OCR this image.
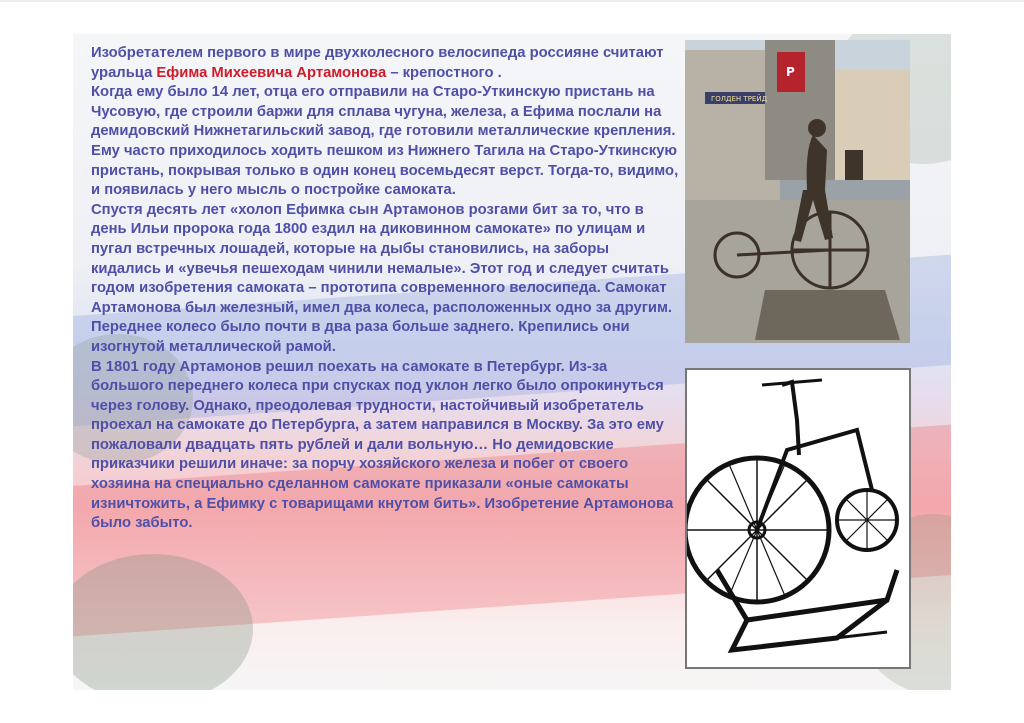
Изобретателем первого в мире двухколесного велосипеда россияне считают уральца Ефима Михеевича Артамонова – крепостного .

Когда ему было 14 лет, отца его отправили на Старо-Уткинскую пристань на Чусовую, где строили баржи для сплава чугуна, железа, а Ефима послали на демидовский Нижнетагильский завод, где готовили металлические крепления. Ему часто приходилось ходить пешком из Нижнего Тагила на Старо-Уткинскую пристань, покрывая только в один конец восемьдесят верст. Тогда-то, видимо, и появилась у него мысль о постройке самоката.

Спустя десять лет «холоп Ефимка сын Артамонов розгами бит за то, что в день Ильи пророка года 1800 ездил на диковинном самокате» по улицам и пугал встречных лошадей, которые на дыбы становились, на заборы кидались и «увечья пешеходам чинили немалые». Этот год и следует считать годом изобретения самоката – прототипа современного велосипеда. Самокат Артамонова был железный, имел два колеса, расположенных одно за другим. Переднее колесо было почти в два раза больше заднего. Крепились они изогнутой металлической рамой.

В 1801 году Артамонов решил поехать на самокате в Петербург. Из-за большого переднего колеса при спусках под уклон легко было опрокинуться через голову. Однако, преодолевая трудности, настойчивый изобретатель проехал на самокате до Петербурга, а затем направился в Москву. За это ему пожаловали двадцать пять рублей и дали вольную… Но демидовские приказчики решили иначе: за порчу хозяйского железа и побег от своего хозяина на специально сделанном самокате приказали «оные самокаты изничтожить, а Ефимку с товарищами кнутом бить». Изобретение Артамонова было забыто.

ГОЛДЕН ТРЕЙД
Р
